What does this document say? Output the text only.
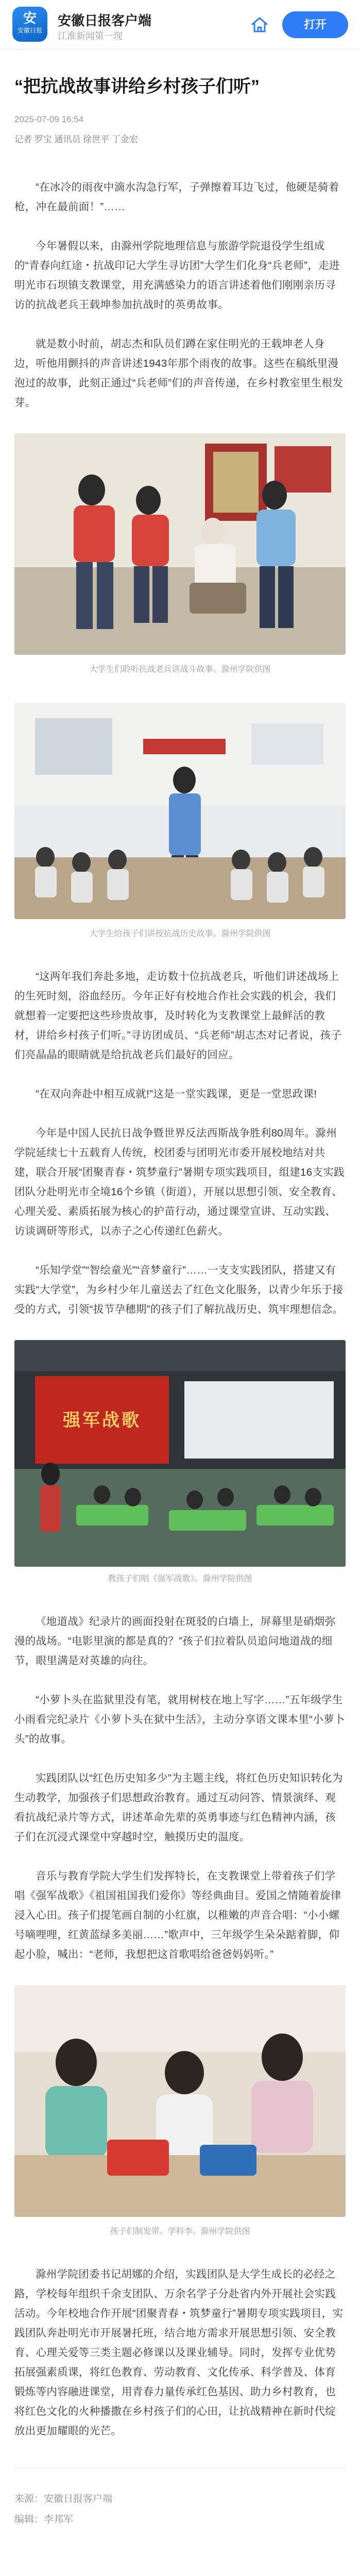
安
安徽日报
安徽日报客户端
江淮新闻第一现
打开
“把抗战故事讲给乡村孩子们听”
2025-07-09 16:54
记者 罗宝 通讯员 徐世平 丁金宏

“在冰冷的雨夜中滴水沟急行军，子弹擦着耳边飞过，他硬是骑着枪，冲在最前面！”……

今年暑假以来，由滁州学院地理信息与旅游学院退役学生组成的“青春向红途・抗战印记大学生寻访团”大学生们化身“兵老师”，走进明光市石坝镇支教课堂，用充满感染力的语言讲述着他们刚刚亲历寻访的抗战老兵王载坤参加抗战时的英勇故事。

就是数小时前，胡志杰和队员们蹲在家住明光的王载坤老人身边，听他用颤抖的声音讲述1943年那个雨夜的故事。这些在稿纸里漫泡过的故事，此刻正通过“兵老师”们的声音传递，在乡村教室里生根发芽。

大学生们聆听抗战老兵讲战斗故事。滁州学院供图
大学生给孩子们讲授抗战历史故事。滁州学院供图

“这两年我们奔赴多地，走访数十位抗战老兵，听他们讲述战场上的生死时刻，浴血经历。今年正好有校地合作社会实践的机会，我们就想着一定要把这些珍贵故事，及时转化为支教课堂上最鲜活的教材，讲给乡村孩子们听。”寻访团成员、“兵老师”胡志杰对记者说，孩子们亮晶晶的眼睛就是给抗战老兵们最好的回应。

“在双向奔赴中相互成就!”这是一堂实践课，更是一堂思政课!

今年是中国人民抗日战争暨世界反法西斯战争胜利80周年。滁州学院延续七十五载育人传统，校团委与团明光市委开展校地结对共建，联合开展“团聚青春・筑梦童行”暑期专项实践项目，组建16支实践团队分赴明光市全境16个乡镇（街道），开展以思想引领、安全教育、心理关爱、素质拓展为核心的护苗行动，通过课堂宣讲、互动实践、访谈调研等形式，以赤子之心传递红色薪火。

“乐知学堂”“智绘童光”“音梦童行”……一支支实践团队，搭建又有实践“大学堂”，为乡村少年儿童送去了红色文化服务，以青少年乐于接受的方式，引领“拔节孕穗期”的孩子们了解抗战历史、筑牢理想信念。

强军战歌
教孩子们唱《强军战歌》。滁州学院供图

《地道战》纪录片的画面投射在斑驳的白墙上，屏幕里是硝烟弥漫的战场。“电影里演的都是真的？”孩子们拉着队员追问地道战的细节，眼里满是对英雄的向往。

“小萝卜头在监狱里没有笔，就用树枝在地上写字……”五年级学生小雨看完纪录片《小萝卜头在狱中生活》，主动分享语文课本里“小萝卜头”的故事。

实践团队以“红色历史知多少”为主题主线，将红色历史知识转化为生动教学，加强孩子们思想政治教育。通过互动问答、情景演绎、观看抗战纪录片等方式，讲述革命先辈的英勇事迹与红色精神内涵，孩子们在沉浸式课堂中穿越时空，触摸历史的温度。

音乐与教育学院大学生们发挥特长，在支教课堂上带着孩子们学唱《强军战歌》《祖国祖国我们爱你》等经典曲目。爱国之情随着旋律浸入心田。孩子们提笔画自制的小红旗，以稚嫩的声音合唱：“小小螺号嘀哩哩，红黄蓝绿多美丽……”歌声中，三年级学生朵朵踮着脚，仰起小脸，喊出：“老师，我想把这首歌唱给爸爸妈妈听。”

孩子们制发带。学科李。滁州学院供图

滁州学院团委书记胡娜的介绍，实践团队是大学生成长的必经之路，学校每年组织千余支团队、万余名学子分赴省内外开展社会实践活动。今年校地合作开展“团聚青春・筑梦童行”暑期专项实践项目，实践团队奔赴明光市开展暑托班，结合地方需求开展思想引领、安全教育、心理关爱等三类主题必修课以及课业辅导。同时，发挥专业优势拓展强素质课，将红色教育、劳动教育、文化传承、科学普及、体育锻炼等内容融进课堂，用青春力量传承红色基因、助力乡村教育，也将红色文化的火种播撒在乡村孩子们的心田，让抗战精神在新时代绽放出更加耀眼的光芒。

来源：安徽日报客户端
编辑：李邦军
